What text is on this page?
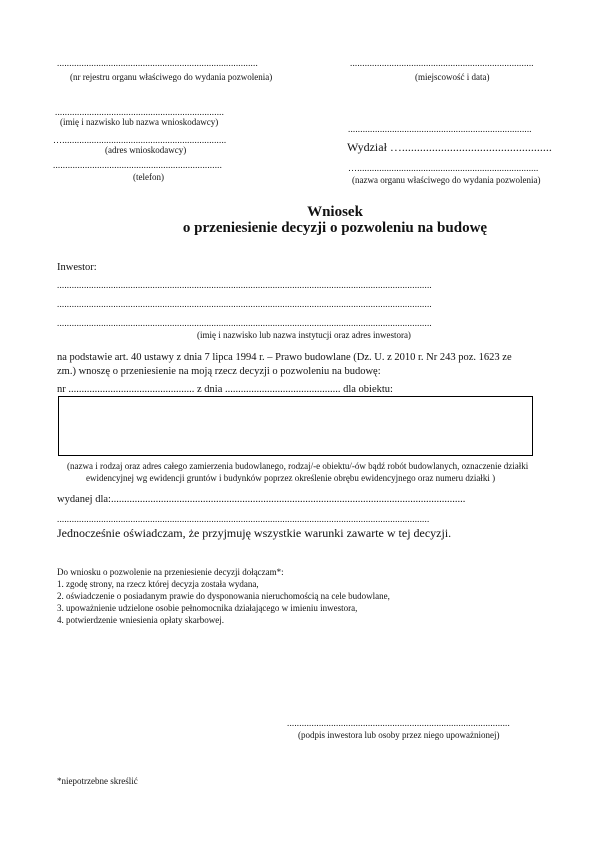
..................................................................................
(nr rejestru organu właściwego do wydania pozwolenia)
...........................................................................
(miejscowość i data)
.....................................................................
(imię i nazwisko lub nazwa wnioskodawcy)
…...................................................................
(adres wnioskodawcy)
.....................................................................
(telefon)
...........................................................................
Wydział …..................................................
…..........................................................................
(nazwa organu właściwego do wydania pozwolenia)
Wniosek
o przeniesienie decyzji o pozwoleniu na budowę
Inwestor:
.........................................................................................................................................................
.........................................................................................................................................................
.........................................................................................................................................................
(imię i nazwisko lub nazwa instytucji oraz adres inwestora)
na podstawie art. 40 ustawy z dnia 7 lipca 1994 r. – Prawo budowlane (Dz. U. z 2010 r. Nr 243 poz. 1623 ze
zm.) wnoszę o przeniesienie na moją rzecz decyzji o pozwoleniu na budowę:
nr ................................................ z dnia ............................................ dla obiektu:
(nazwa i rodzaj oraz adres całego zamierzenia budowlanego, rodzaj/-e obiektu/-ów bądź robót budowlanych, oznaczenie działki
ewidencyjnej wg ewidencji gruntów i budynków poprzez określenie obrębu ewidencyjnego oraz numeru działki )
wydanej dla:.......................................................................................................................................
........................................................................................................................................................
Jednocześnie oświadczam, że przyjmuję wszystkie warunki zawarte w tej decyzji.
Do wniosku o pozwolenie na przeniesienie decyzji dołączam*:
1. zgodę strony, na rzecz której decyzja została wydana,
2. oświadczenie o posiadanym prawie do dysponowania nieruchomością na cele budowlane,
3. upoważnienie udzielone osobie pełnomocnika działającego w imieniu inwestora,
4. potwierdzenie wniesienia opłaty skarbowej.
...........................................................................................
(podpis inwestora lub osoby przez niego upoważnionej)
*niepotrzebne skreślić
